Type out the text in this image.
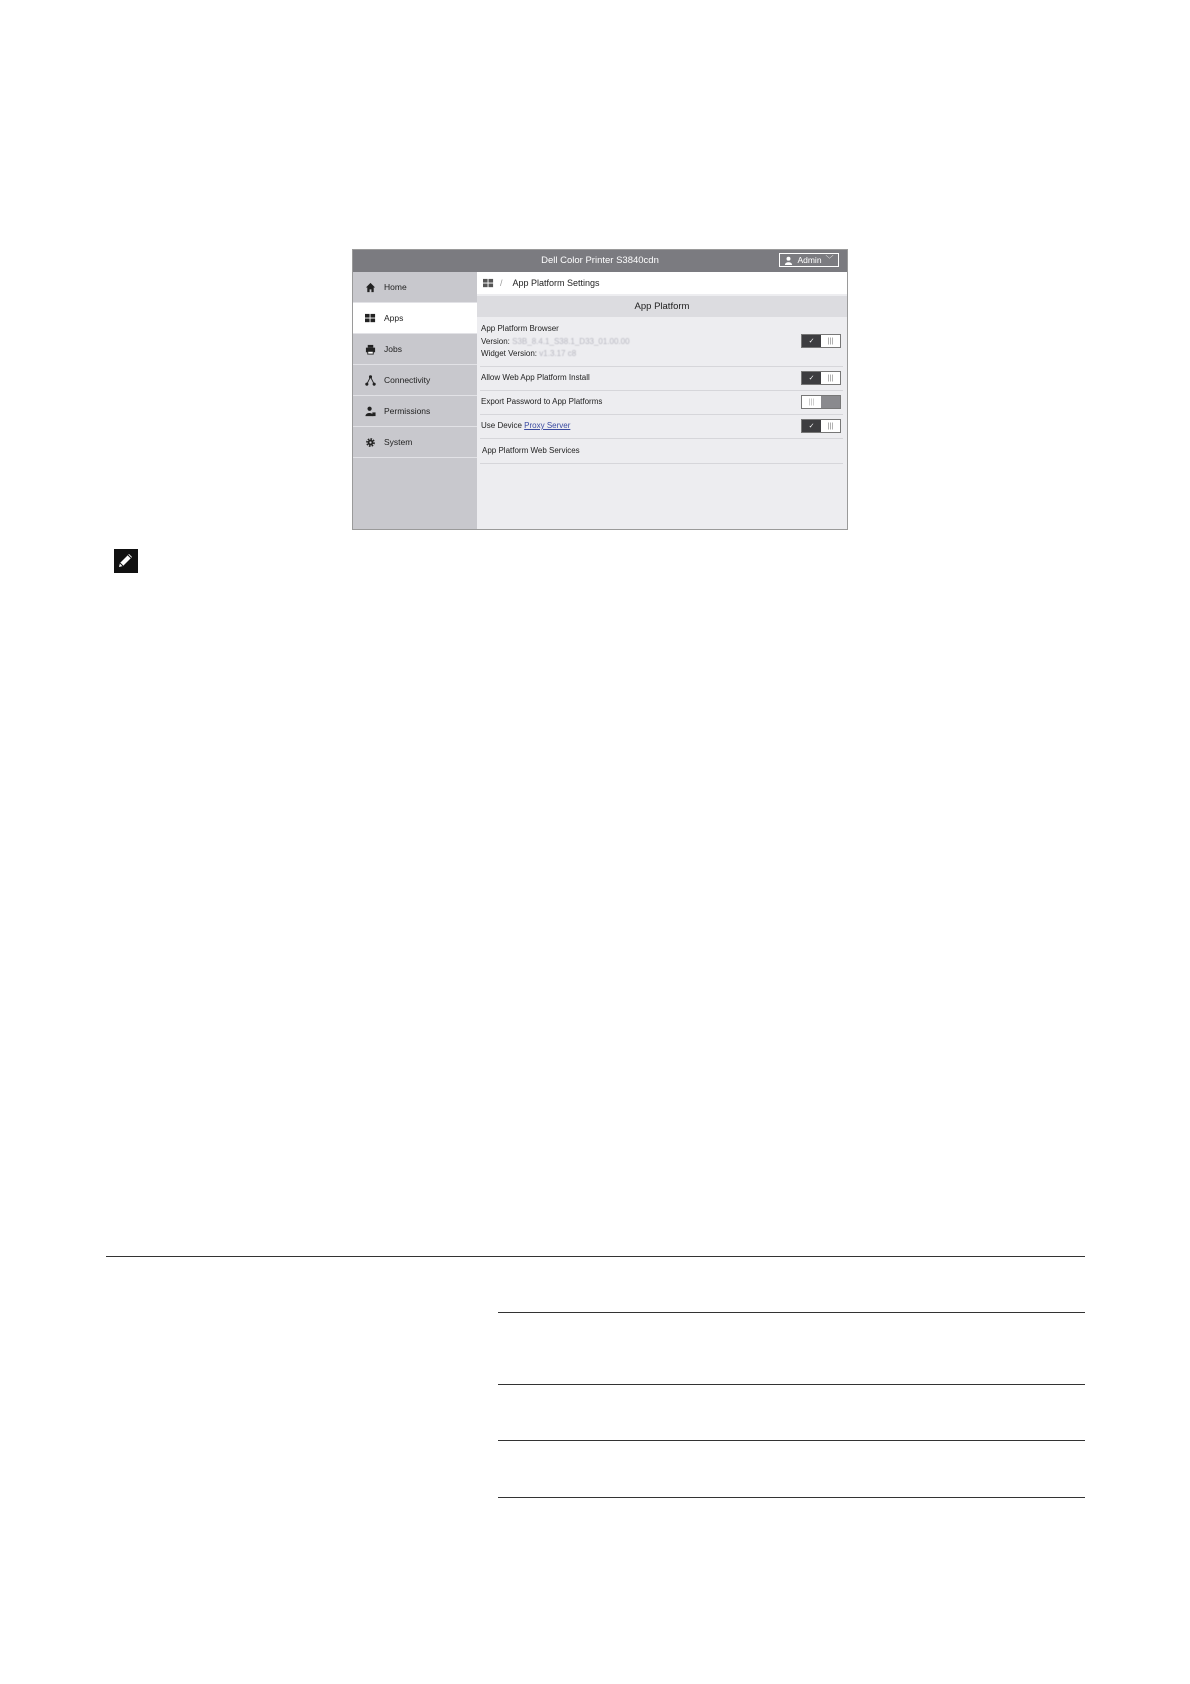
Dell Color Printer S3840cdn	Admin ﹀
Home
Apps
Jobs
Connectivity
Permissions
System
/ App Platform Settings
App Platform
App Platform Browser
Version: S3B_8.4.1_S38.1_D33_01.00.00
Widget Version: v1.3.17 c8
✓	|||
Allow Web App Platform Install	✓	|||
Export Password to App Platforms	|||
Use Device Proxy Server	✓	|||
App Platform Web Services
